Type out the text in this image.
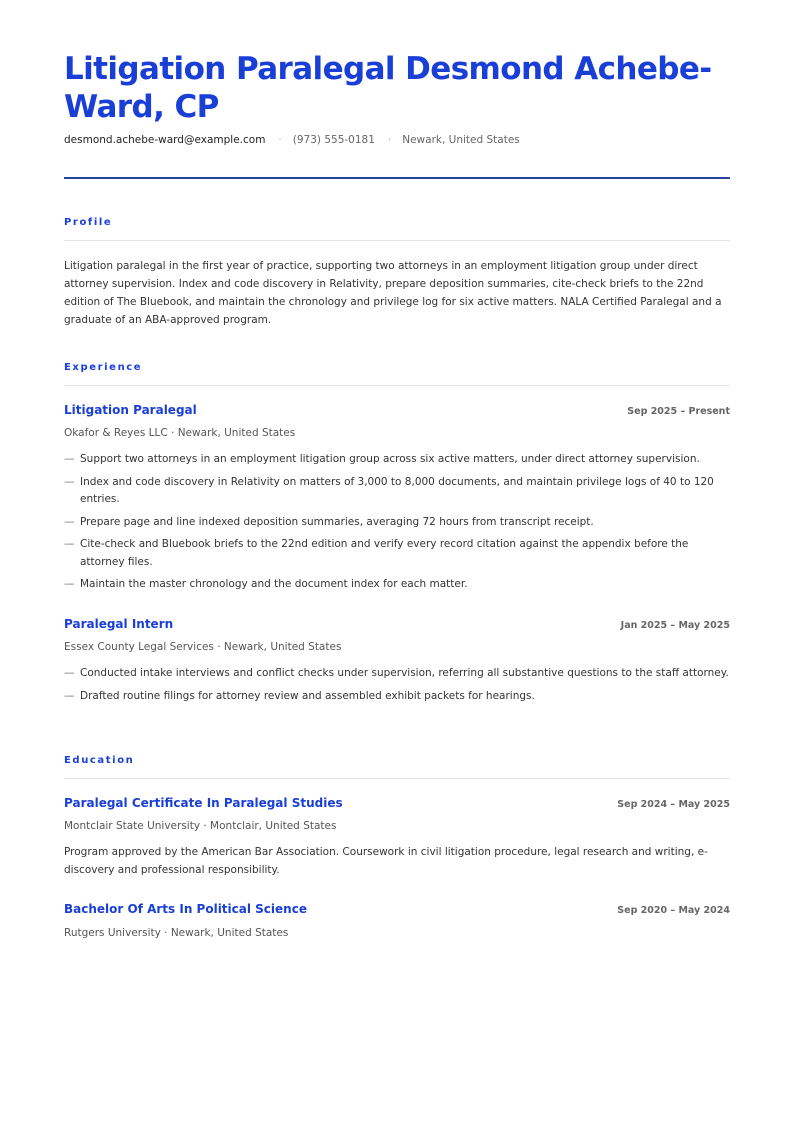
Litigation Paralegal Desmond Achebe-Ward, CP
desmond.achebe-ward@example.com · (973) 555-0181 · Newark, United States
Profile

Litigation paralegal in the first year of practice, supporting two attorneys in an employment litigation group under direct attorney supervision. Index and code discovery in Relativity, prepare deposition summaries, cite-check briefs to the 22nd edition of The Bluebook, and maintain the chronology and privilege log for six active matters. NALA Certified Paralegal and a graduate of an ABA-approved program.

Experience
Litigation Paralegal	Sep 2025 – Present
Okafor & Reyes LLC · Newark, United States
— Support two attorneys in an employment litigation group across six active matters, under direct attorney supervision.
— Index and code discovery in Relativity on matters of 3,000 to 8,000 documents, and maintain privilege logs of 40 to 120 entries.
— Prepare page and line indexed deposition summaries, averaging 72 hours from transcript receipt.
— Cite-check and Bluebook briefs to the 22nd edition and verify every record citation against the appendix before the attorney files.
— Maintain the master chronology and the document index for each matter.
Paralegal Intern	Jan 2025 – May 2025
Essex County Legal Services · Newark, United States
— Conducted intake interviews and conflict checks under supervision, referring all substantive questions to the staff attorney.
— Drafted routine filings for attorney review and assembled exhibit packets for hearings.
Education
Paralegal Certificate In Paralegal Studies	Sep 2024 – May 2025
Montclair State University · Montclair, United States

Program approved by the American Bar Association. Coursework in civil litigation procedure, legal research and writing, e-discovery and professional responsibility.

Bachelor Of Arts In Political Science	Sep 2020 – May 2024
Rutgers University · Newark, United States
